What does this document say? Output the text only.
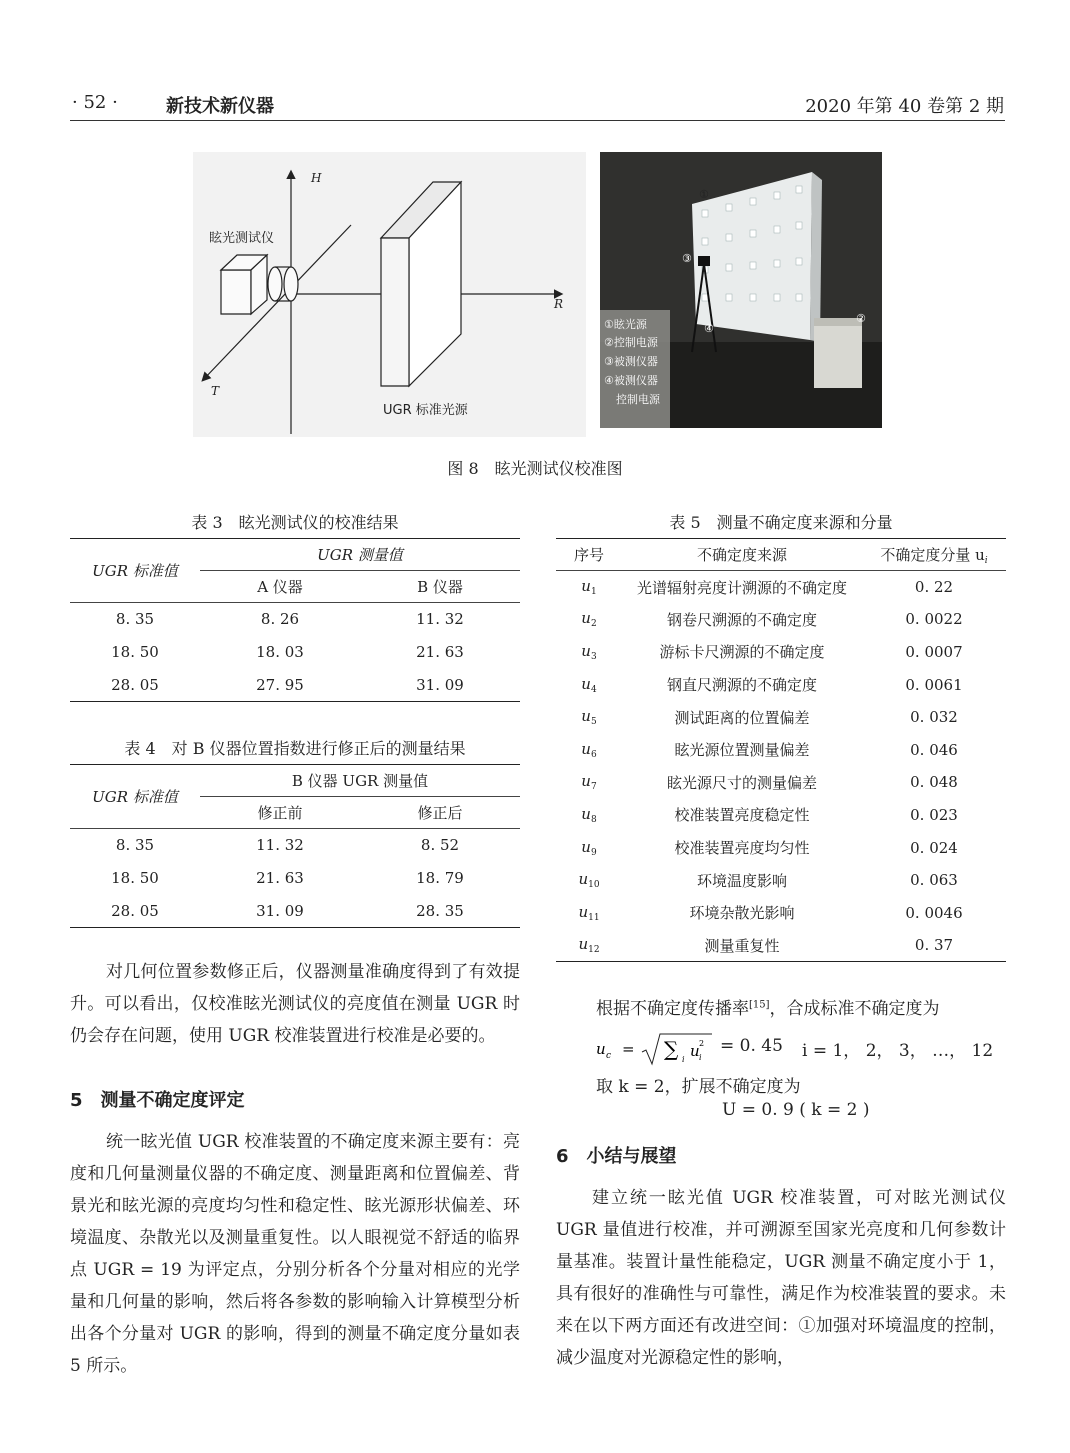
· 52 ·	新技术新仪器	2020 年第 40 卷第 2 期
H
R
T
眩光测试仪
UGR 标准光源
①
②
③
④
①眩光源
②控制电源
③被测仪器
④被测仪器
控制电源
图 8　眩光测试仪校准图
表 3　眩光测试仪的校准结果
UGR 标准值	UGR 测量值	
	A 仪器	B 仪器
8. 35	8. 26	11. 32
18. 50	18. 03	21. 63
28. 05	27. 95	31. 09
表 4　对 B 仪器位置指数进行修正后的测量结果
UGR 标准值	B 仪器 UGR 测量值	
	修正前	修正后
8. 35	11. 32	8. 52
18. 50	21. 63	18. 79
28. 05	31. 09	28. 35
表 5　测量不确定度来源和分量
序号	不确定度来源	不确定度分量 $u_i$
$u_1$	光谱辐射亮度计溯源的不确定度	0. 22
$u_2$	钢卷尺溯源的不确定度	0. 0022
$u_3$	游标卡尺溯源的不确定度	0. 0007
$u_4$	钢直尺溯源的不确定度	0. 0061
$u_5$	测试距离的位置偏差	0. 032
$u_6$	眩光源位置测量偏差	0. 046
$u_7$	眩光源尺寸的测量偏差	0. 048
$u_8$	校准装置亮度稳定性	0. 023
$u_9$	校准装置亮度均匀性	0. 024
$u_{10}$	环境温度影响	0. 063
$u_{11}$	环境杂散光影响	0. 0046
$u_{12}$	测量重复性	0. 37
对几何位置参数修正后，仪器测量准确度得到了有效提升。可以看出，仅校准眩光测试仪的亮度值在测量 UGR 时仍会存在问题，使用 UGR 校准装置进行校准是必要的。
5　测量不确定度评定
统一眩光值 UGR 校准装置的不确定度来源主要有：亮度和几何量测量仪器的不确定度、测量距离和位置偏差、背景光和眩光源的亮度均匀性和稳定性、眩光源形状偏差、环境温度、杂散光以及测量重复性。以人眼视觉不舒适的临界点 UGR = 19 为评定点，分别分析各个分量对相应的光学量和几何量的影响，然后将各参数的影响输入计算模型分析出各个分量对 UGR 的影响，得到的测量不确定度分量如表 5 所示。
根据不确定度传播率[15]，合成标准不确定度为
u c = ∑ i u 2
i
= 0. 45 i = 1， 2， 3， …， 12
取 k = 2，扩展不确定度为
U = 0. 9 ( k = 2 )
6　小结与展望
建立统一眩光值 UGR 校准装置，可对眩光测试仪 UGR 量值进行校准，并可溯源至国家光亮度和几何参数计量基准。装置计量性能稳定，UGR 测量不确定度小于 1，具有很好的准确性与可靠性，满足作为校准装置的要求。未来在以下两方面还有改进空间：①加强对环境温度的控制，减少温度对光源稳定性的影响，
